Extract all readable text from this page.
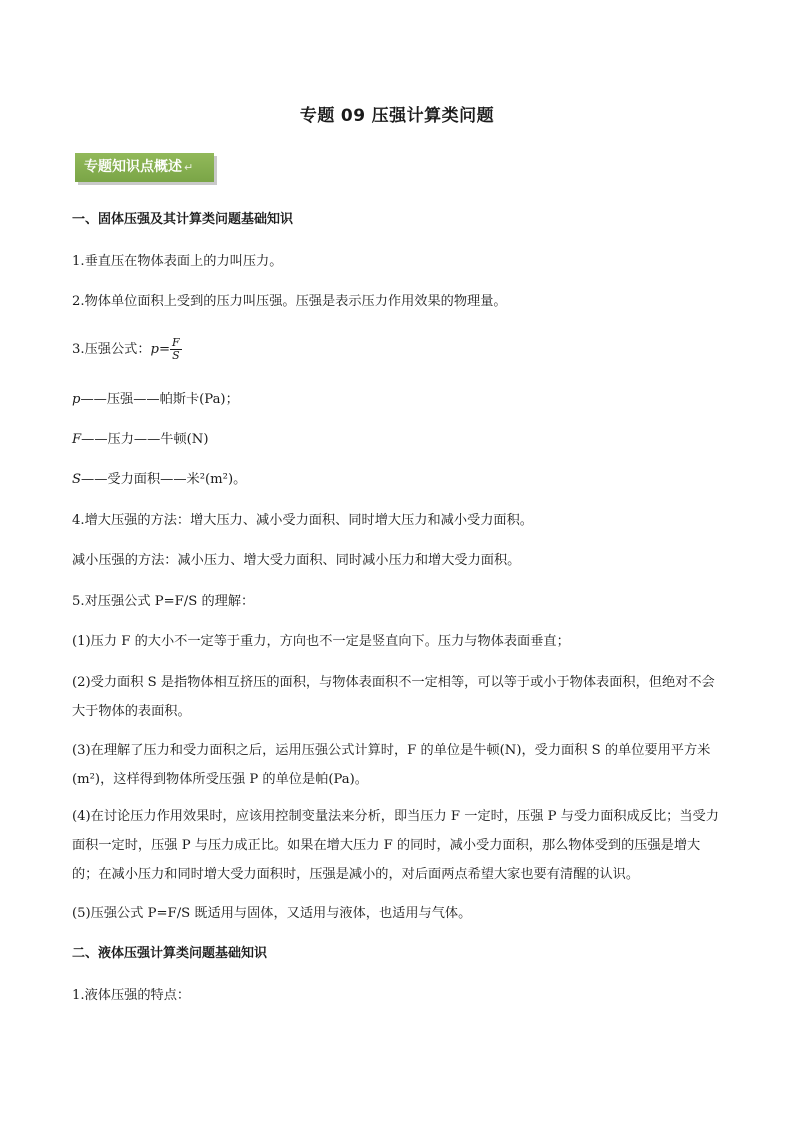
专题 09 压强计算类问题
专题知识点概述 ↵
一、固体压强及其计算类问题基础知识
1.垂直压在物体表面上的力叫压力。
2.物体单位面积上受到的压力叫压强。压强是表示压力作用效果的物理量。
3.压强公式：$p= \frac{F}{S}$
p——压强——帕斯卡(Pa)；
F——压力——牛顿(N)
S——受力面积——米²(m²)。
4.增大压强的方法：增大压力、减小受力面积、同时增大压力和减小受力面积。
减小压强的方法：减小压力、增大受力面积、同时减小压力和增大受力面积。
5.对压强公式 P=F/S 的理解：
(1)压力 F 的大小不一定等于重力，方向也不一定是竖直向下。压力与物体表面垂直；
(2)受力面积 S 是指物体相互挤压的面积，与物体表面积不一定相等，可以等于或小于物体表面积，但绝对不会大于物体的表面积。
(3)在理解了压力和受力面积之后，运用压强公式计算时，F 的单位是牛顿(N)，受力面积 S 的单位要用平方米(m²)，这样得到物体所受压强 P 的单位是帕(Pa)。
(4)在讨论压力作用效果时，应该用控制变量法来分析，即当压力 F 一定时，压强 P 与受力面积成反比；当受力面积一定时，压强 P 与压力成正比。如果在增大压力 F 的同时，减小受力面积，那么物体受到的压强是增大的；在减小压力和同时增大受力面积时，压强是减小的，对后面两点希望大家也要有清醒的认识。
(5)压强公式 P=F/S 既适用与固体，又适用与液体，也适用与气体。
二、液体压强计算类问题基础知识
1.液体压强的特点：
